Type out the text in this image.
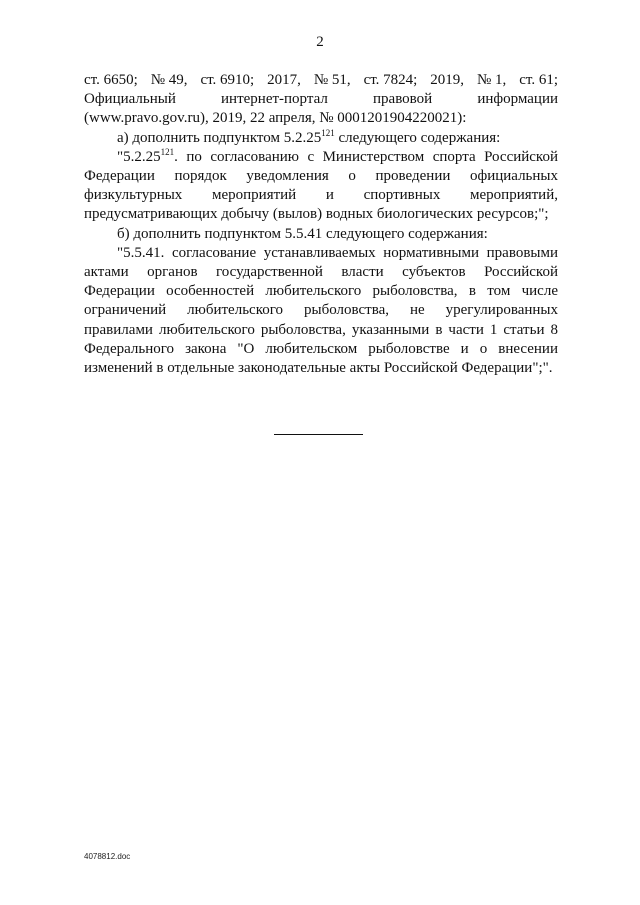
2
ст. 6650; № 49, ст. 6910; 2017, № 51, ст. 7824; 2019, № 1, ст. 61;

Официальный интернет-портал правовой информации (www.pravo.gov.ru), 2019, 22 апреля, № 0001201904220021):

а) дополнить подпунктом 5.2.25$^{121}$ следующего содержания:

"5.2.25$^{121}$. по согласованию с Министерством спорта Российской Федерации порядок уведомления о проведении официальных физкультурных мероприятий и спортивных мероприятий, предусматривающих добычу (вылов) водных биологических ресурсов;";

б) дополнить подпунктом 5.5.41 следующего содержания:

"5.5.41. согласование устанавливаемых нормативными правовыми актами органов государственной власти субъектов Российской Федерации особенностей любительского рыболовства, в том числе ограничений любительского рыболовства, не урегулированных правилами любительского рыболовства, указанными в части 1 статьи 8 Федерального закона "О любительском рыболовстве и о внесении изменений в отдельные законодательные акты Российской Федерации";".

4078812.doc
